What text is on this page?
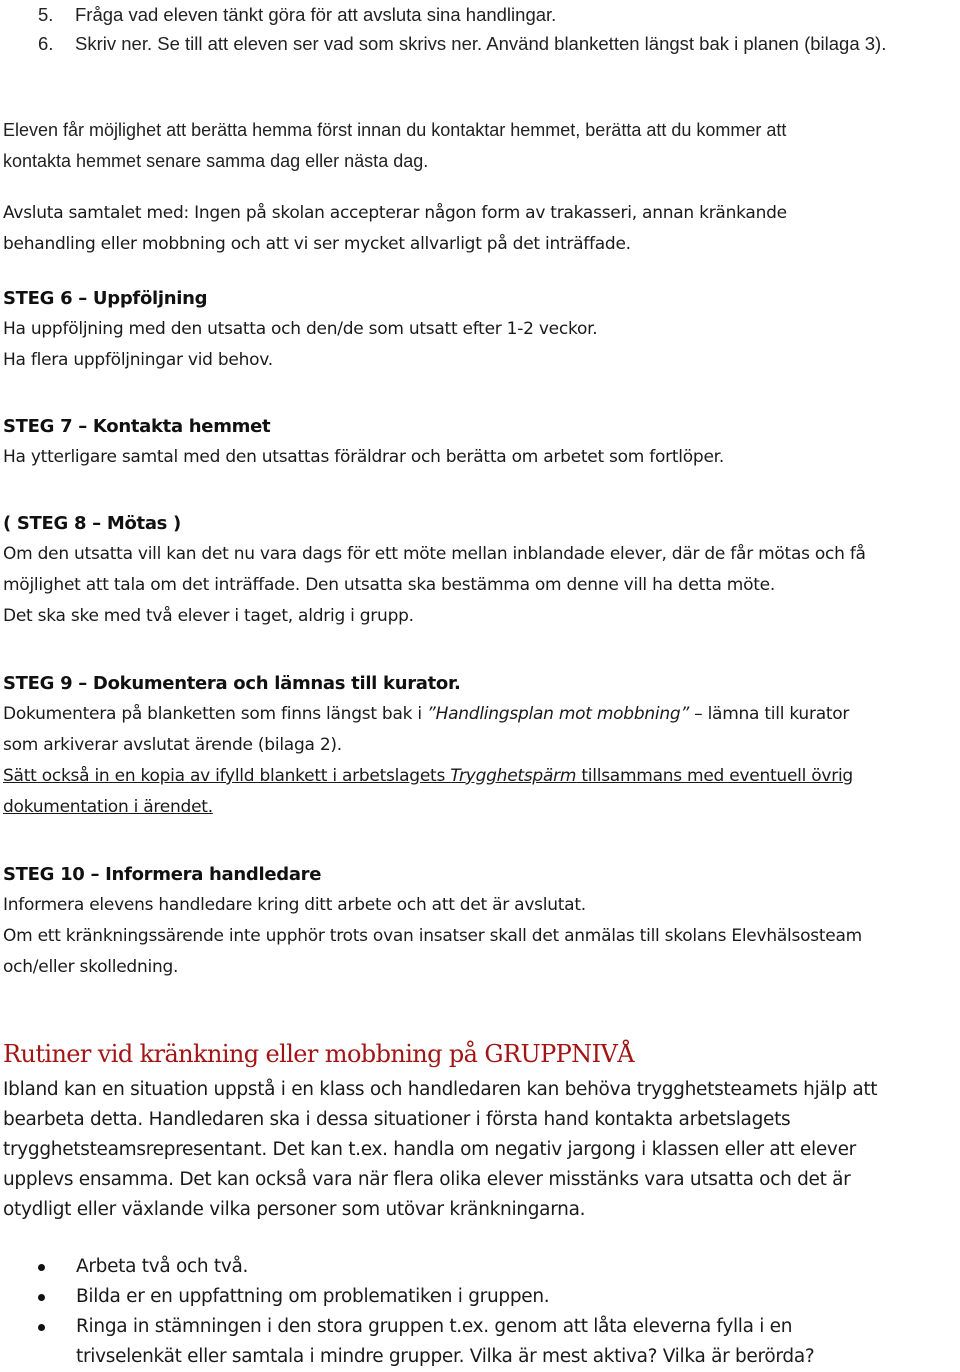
5. Fråga vad eleven tänkt göra för att avsluta sina handlingar.
6. Skriv ner. Se till att eleven ser vad som skrivs ner. Använd blanketten längst bak i planen (bilaga 3).
Eleven får möjlighet att berätta hemma först innan du kontaktar hemmet, berätta att du kommer att
kontakta hemmet senare samma dag eller nästa dag.
Avsluta samtalet med: Ingen på skolan accepterar någon form av trakasseri, annan kränkande
behandling eller mobbning och att vi ser mycket allvarligt på det inträffade.
STEG 6 – Uppföljning
Ha uppföljning med den utsatta och den/de som utsatt efter 1-2 veckor.
Ha flera uppföljningar vid behov.
STEG 7 – Kontakta hemmet
Ha ytterligare samtal med den utsattas föräldrar och berätta om arbetet som fortlöper.
( STEG 8 – Mötas )
Om den utsatta vill kan det nu vara dags för ett möte mellan inblandade elever, där de får mötas och få
möjlighet att tala om det inträffade. Den utsatta ska bestämma om denne vill ha detta möte.
Det ska ske med två elever i taget, aldrig i grupp.
STEG 9 – Dokumentera och lämnas till kurator.
Dokumentera på blanketten som finns längst bak i ”Handlingsplan mot mobbning” – lämna till kurator
som arkiverar avslutat ärende (bilaga 2).
Sätt också in en kopia av ifylld blankett i arbetslagets Trygghetspärm tillsammans med eventuell övrig
dokumentation i ärendet.
STEG 10 – Informera handledare
Informera elevens handledare kring ditt arbete och att det är avslutat.
Om ett kränkningssärende inte upphör trots ovan insatser skall det anmälas till skolans Elevhälsosteam
och/eller skolledning.
Rutiner vid kränkning eller mobbning på GRUPPNIVÅ
Ibland kan en situation uppstå i en klass och handledaren kan behöva trygghetsteamets hjälp att
bearbeta detta. Handledaren ska i dessa situationer i första hand kontakta arbetslagets
trygghetsteamsrepresentant. Det kan t.ex. handla om negativ jargong i klassen eller att elever
upplevs ensamma. Det kan också vara när flera olika elever misstänks vara utsatta och det är
otydligt eller växlande vilka personer som utövar kränkningarna.
Arbeta två och två.
Bilda er en uppfattning om problematiken i gruppen.
Ringa in stämningen i den stora gruppen t.ex. genom att låta eleverna fylla i en
trivselenkät eller samtala i mindre grupper. Vilka är mest aktiva? Vilka är berörda?
